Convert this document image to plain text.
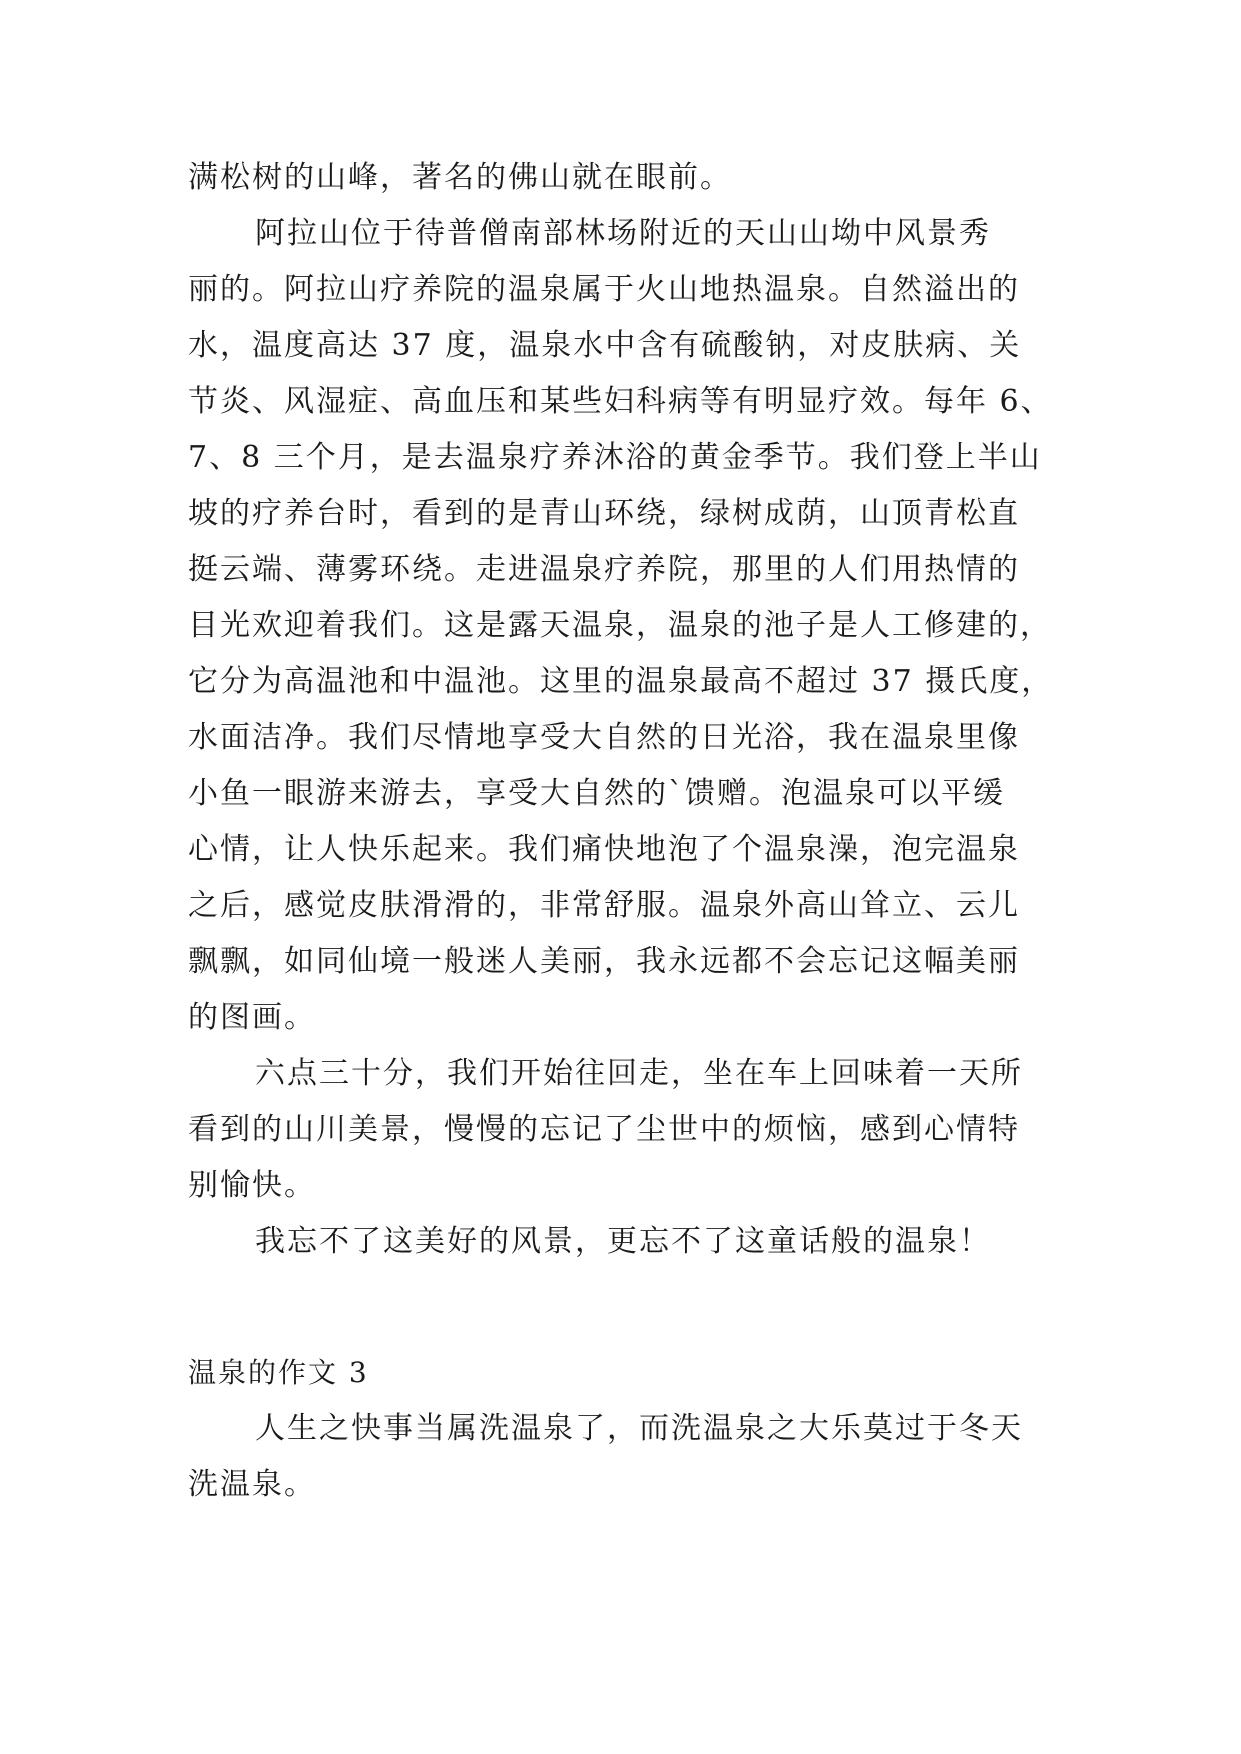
满松树的山峰，著名的佛山就在眼前。
阿拉山位于待普僧南部林场附近的天山山坳中风景秀
丽的。阿拉山疗养院的温泉属于火山地热温泉。自然溢出的
水，温度高达 37 度，温泉水中含有硫酸钠，对皮肤病、关
节炎、风湿症、高血压和某些妇科病等有明显疗效。每年 6、
7、8 三个月，是去温泉疗养沐浴的黄金季节。我们登上半山
坡的疗养台时，看到的是青山环绕，绿树成荫，山顶青松直
挺云端、薄雾环绕。走进温泉疗养院，那里的人们用热情的
目光欢迎着我们。这是露天温泉，温泉的池子是人工修建的，
它分为高温池和中温池。这里的温泉最高不超过 37 摄氏度，
水面洁净。我们尽情地享受大自然的日光浴，我在温泉里像
小鱼一眼游来游去，享受大自然的`馈赠。泡温泉可以平缓
心情，让人快乐起来。我们痛快地泡了个温泉澡，泡完温泉
之后，感觉皮肤滑滑的，非常舒服。温泉外高山耸立、云儿
飘飘，如同仙境一般迷人美丽，我永远都不会忘记这幅美丽
的图画。
六点三十分，我们开始往回走，坐在车上回味着一天所
看到的山川美景，慢慢的忘记了尘世中的烦恼，感到心情特
别愉快。
我忘不了这美好的风景，更忘不了这童话般的温泉！
温泉的作文 3
人生之快事当属洗温泉了，而洗温泉之大乐莫过于冬天
洗温泉。
